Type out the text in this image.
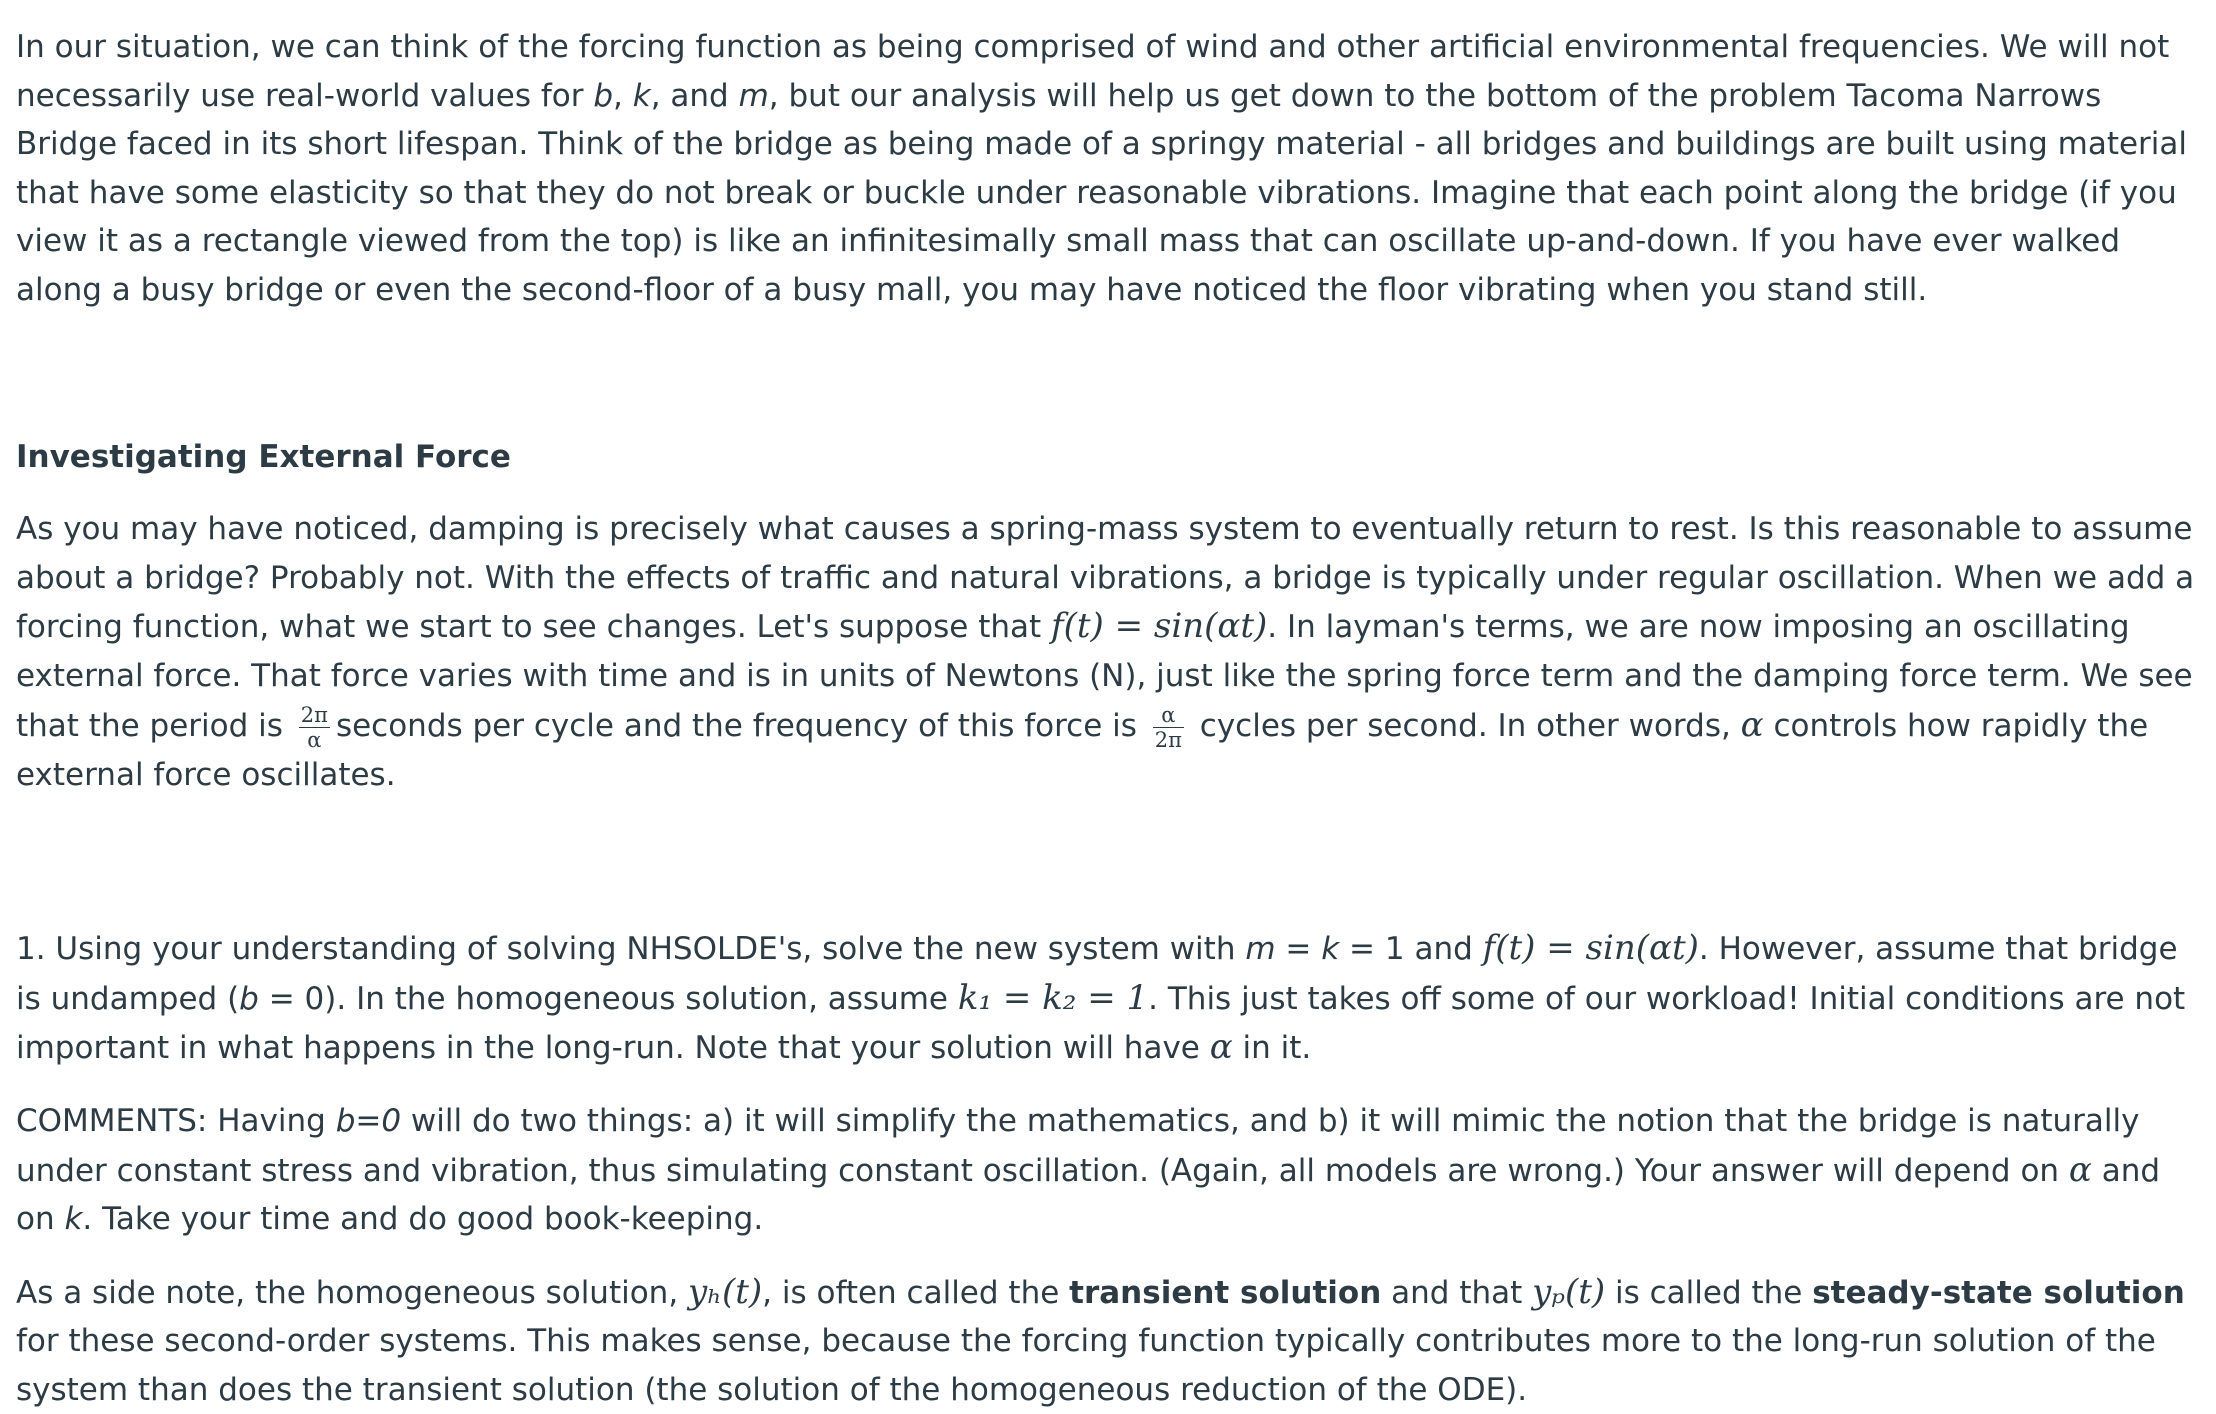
In our situation, we can think of the forcing function as being comprised of wind and other artificial environmental frequencies. We will not necessarily use real-world values for b, k, and m, but our analysis will help us get down to the bottom of the problem Tacoma Narrows Bridge faced in its short lifespan. Think of the bridge as being made of a springy material - all bridges and buildings are built using material that have some elasticity so that they do not break or buckle under reasonable vibrations. Imagine that each point along the bridge (if you view it as a rectangle viewed from the top) is like an infinitesimally small mass that can oscillate up-and-down. If you have ever walked along a busy bridge or even the second-floor of a busy mall, you may have noticed the floor vibrating when you stand still.

Investigating External Force

As you may have noticed, damping is precisely what causes a spring-mass system to eventually return to rest. Is this reasonable to assume about a bridge? Probably not. With the effects of traffic and natural vibrations, a bridge is typically under regular oscillation. When we add a forcing function, what we start to see changes. Let's suppose that f(t) = sin(αt). In layman's terms, we are now imposing an oscillating external force. That force varies with time and is in units of Newtons (N), just like the spring force term and the damping force term. We see that the period is $\frac{2\pi}{\alpha}$ seconds per cycle and the frequency of this force is $\frac{\alpha}{2\pi}$ cycles per second. In other words, α controls how rapidly the external force oscillates.

1. Using your understanding of solving NHSOLDE's, solve the new system with m = k = 1 and f(t) = sin(αt). However, assume that bridge is undamped (b = 0). In the homogeneous solution, assume k₁ = k₂ = 1. This just takes off some of our workload! Initial conditions are not important in what happens in the long-run. Note that your solution will have α in it.

COMMENTS: Having b=0 will do two things: a) it will simplify the mathematics, and b) it will mimic the notion that the bridge is naturally under constant stress and vibration, thus simulating constant oscillation. (Again, all models are wrong.) Your answer will depend on α and on k. Take your time and do good book-keeping.

As a side note, the homogeneous solution, yₕ(t), is often called the transient solution and that yₚ(t) is called the steady-state solution for these second-order systems. This makes sense, because the forcing function typically contributes more to the long-run solution of the system than does the transient solution (the solution of the homogeneous reduction of the ODE).
